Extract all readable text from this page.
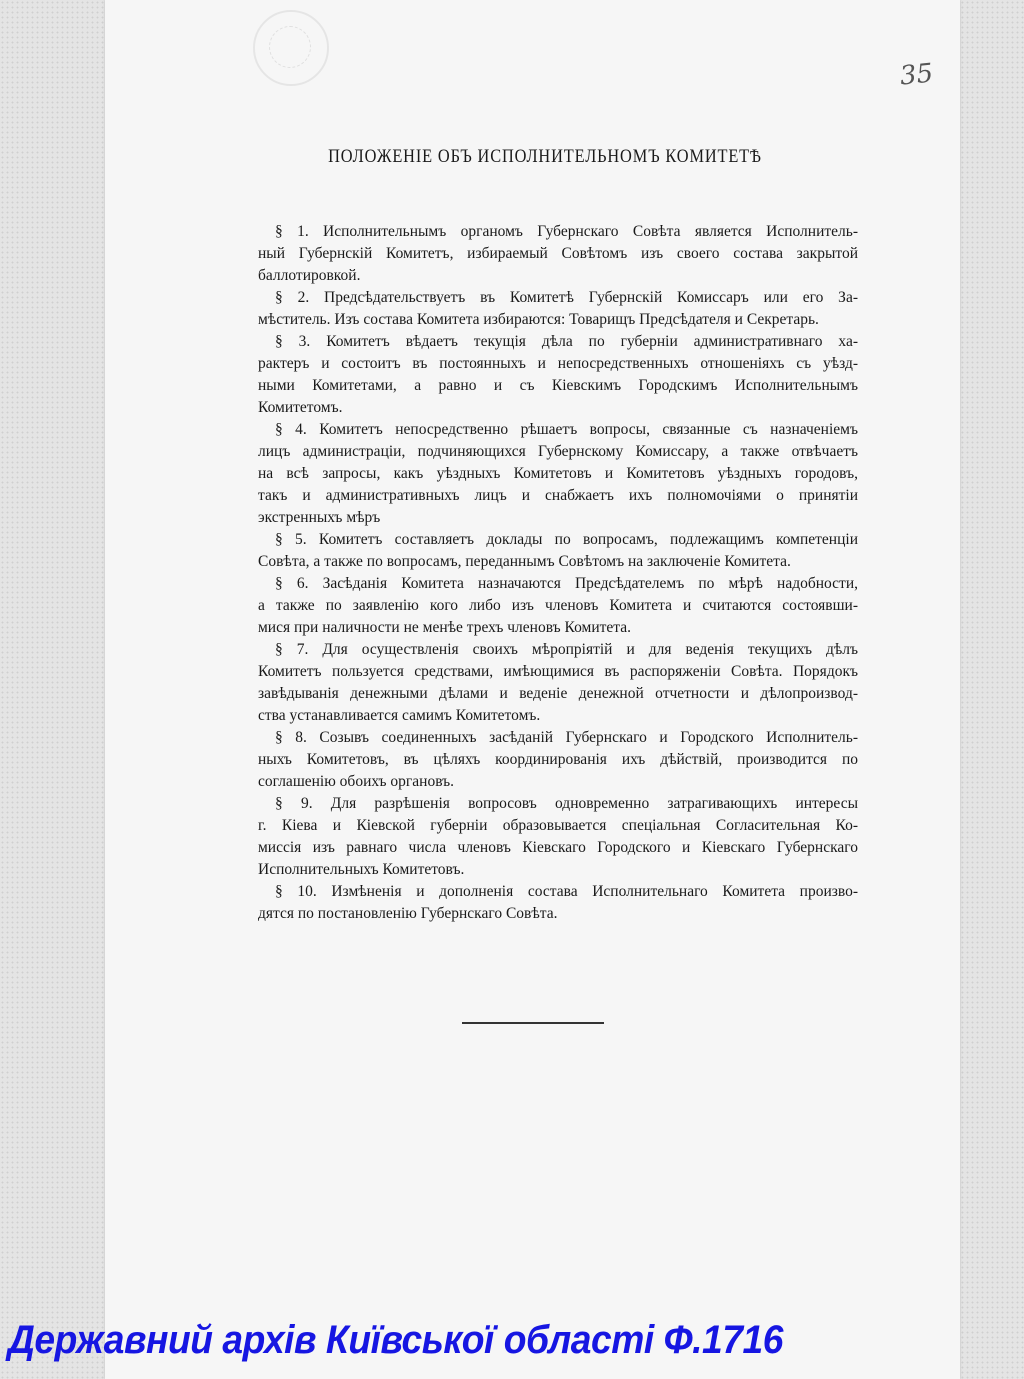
35
ПОЛОЖЕНІЕ ОБЪ ИСПОЛНИТЕЛЬНОМЪ КОМИТЕТѢ
§ 1. Исполнительнымъ органомъ Губернскаго Совѣта является Исполнитель-
ный Губернскій Комитетъ, избираемый Совѣтомъ изъ своего состава закрытой
баллотировкой.
§ 2. Предсѣдательствуетъ въ Комитетѣ Губернскій Комиссаръ или его За-
мѣститель. Изъ состава Комитета избираются: Товарищъ Предсѣдателя и Секретарь.
§ 3. Комитетъ вѣдаетъ текущія дѣла по губерніи административнаго ха-
рактеръ и состоитъ въ постоянныхъ и непосредственныхъ отношеніяхъ съ уѣзд-
ными Комитетами, а равно и съ Кіевскимъ Городскимъ Исполнительнымъ
Комитетомъ.
§ 4. Комитетъ непосредственно рѣшаетъ вопросы, связанные съ назначеніемъ
лицъ администраціи, подчиняющихся Губернскому Комиссару, а также отвѣчаетъ
на всѣ запросы, какъ уѣздныхъ Комитетовъ и Комитетовъ уѣздныхъ городовъ,
такъ и административныхъ лицъ и снабжаетъ ихъ полномочіями о принятіи
экстренныхъ мѣръ
§ 5. Комитетъ составляетъ доклады по вопросамъ, подлежащимъ компетенціи
Совѣта, а также по вопросамъ, переданнымъ Совѣтомъ на заключеніе Комитета.
§ 6. Засѣданія Комитета назначаются Предсѣдателемъ по мѣрѣ надобности,
а также по заявленію кого либо изъ членовъ Комитета и считаются состоявши-
мися при наличности не менѣе трехъ членовъ Комитета.
§ 7. Для осуществленія своихъ мѣропріятій и для веденія текущихъ дѣлъ
Комитетъ пользуется средствами, имѣющимися въ распоряженіи Совѣта. Порядокъ
завѣдыванія денежными дѣлами и веденіе денежной отчетности и дѣлопроизвод-
ства устанавливается самимъ Комитетомъ.
§ 8. Созывъ соединенныхъ засѣданій Губернскаго и Городского Исполнитель-
ныхъ Комитетовъ, въ цѣляхъ координированія ихъ дѣйствій, производится по
соглашенію обоихъ органовъ.
§ 9. Для разрѣшенія вопросовъ одновременно затрагивающихъ интересы
г. Кіева и Кіевской губерніи образовывается спеціальная Согласительная Ко-
миссія изъ равнаго числа членовъ Кіевскаго Городского и Кіевскаго Губернскаго
Исполнительныхъ Комитетовъ.
§ 10. Измѣненія и дополненія состава Исполнительнаго Комитета произво-
дятся по постановленію Губернскаго Совѣта.
Державний архів Київської області Ф.1716
